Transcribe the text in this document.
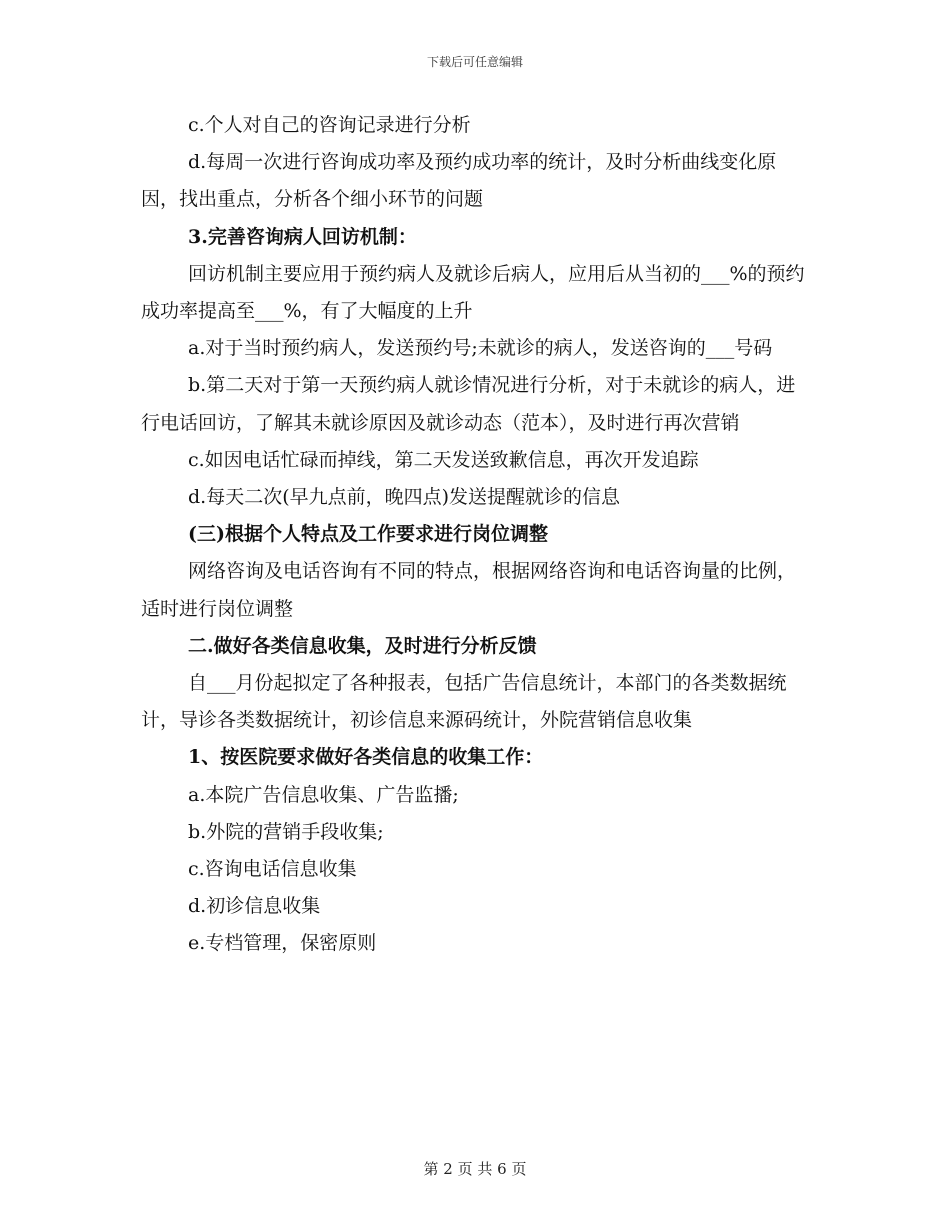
下载后可任意编辑

c.个人对自己的咨询记录进行分析

d.每周一次进行咨询成功率及预约成功率的统计，及时分析曲线变化原因，找出重点，分析各个细小环节的问题

3.完善咨询病人回访机制：

回访机制主要应用于预约病人及就诊后病人，应用后从当初的___%的预约成功率提高至___%，有了大幅度的上升

a.对于当时预约病人，发送预约号;未就诊的病人，发送咨询的___号码

b.第二天对于第一天预约病人就诊情况进行分析，对于未就诊的病人，进行电话回访，了解其未就诊原因及就诊动态（范本），及时进行再次营销

c.如因电话忙碌而掉线，第二天发送致歉信息，再次开发追踪

d.每天二次(早九点前，晚四点)发送提醒就诊的信息

(三)根据个人特点及工作要求进行岗位调整

网络咨询及电话咨询有不同的特点，根据网络咨询和电话咨询量的比例，适时进行岗位调整

二.做好各类信息收集，及时进行分析反馈

自___月份起拟定了各种报表，包括广告信息统计，本部门的各类数据统计，导诊各类数据统计，初诊信息来源码统计，外院营销信息收集

1、按医院要求做好各类信息的收集工作：

a.本院广告信息收集、广告监播;

b.外院的营销手段收集;

c.咨询电话信息收集

d.初诊信息收集

e.专档管理，保密原则

第 2 页 共 6 页
